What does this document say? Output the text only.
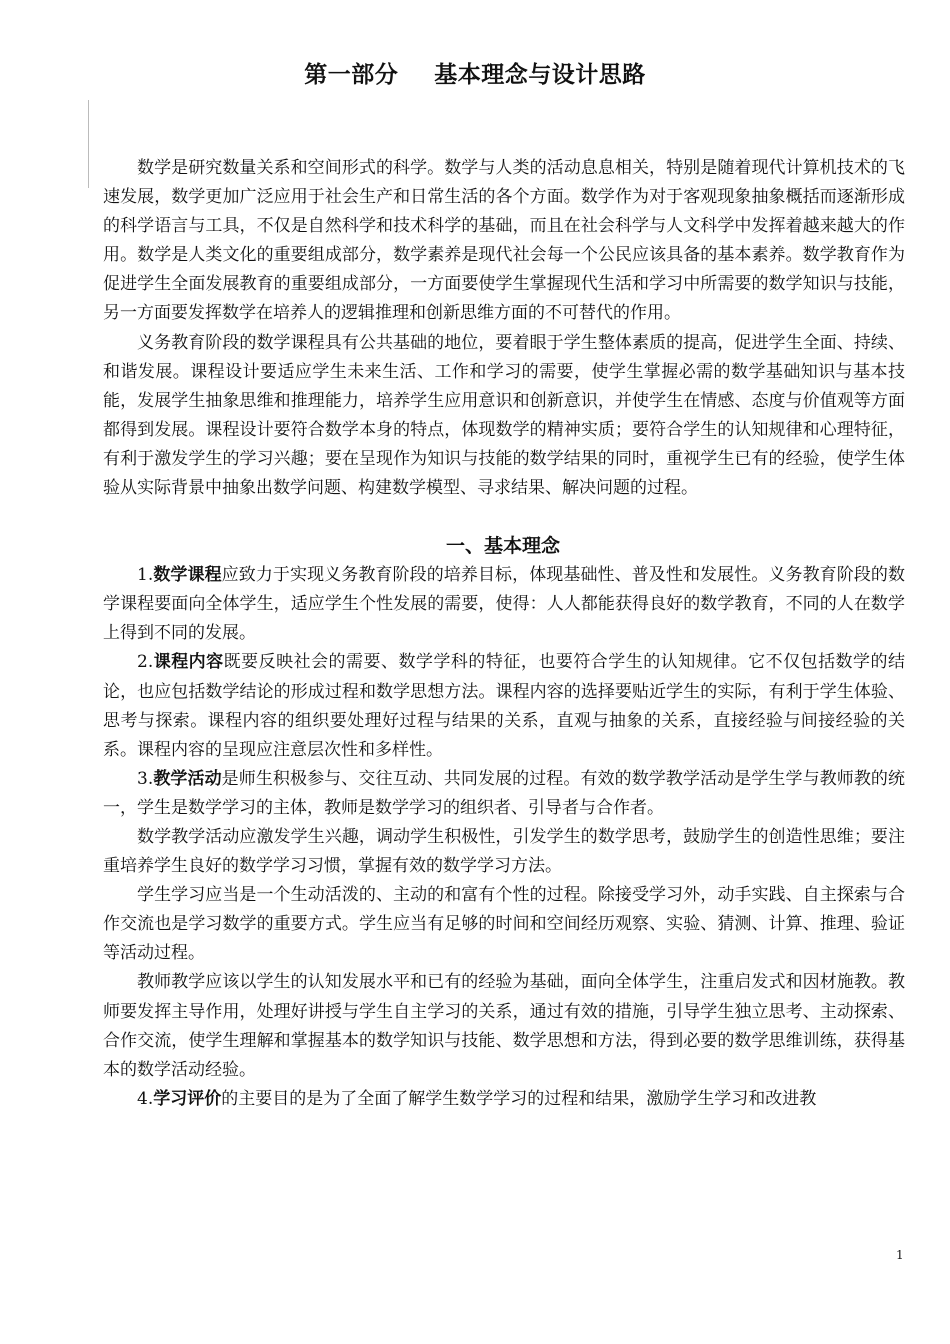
第一部分 基本理念与设计思路

数学是研究数量关系和空间形式的科学。数学与人类的活动息息相关，特别是随着现代计算机技术的飞速发展，数学更加广泛应用于社会生产和日常生活的各个方面。数学作为对于客观现象抽象概括而逐渐形成的科学语言与工具，不仅是自然科学和技术科学的基础，而且在社会科学与人文科学中发挥着越来越大的作用。数学是人类文化的重要组成部分，数学素养是现代社会每一个公民应该具备的基本素养。数学教育作为促进学生全面发展教育的重要组成部分，一方面要使学生掌握现代生活和学习中所需要的数学知识与技能，另一方面要发挥数学在培养人的逻辑推理和创新思维方面的不可替代的作用。

义务教育阶段的数学课程具有公共基础的地位，要着眼于学生整体素质的提高，促进学生全面、持续、和谐发展。课程设计要适应学生未来生活、工作和学习的需要，使学生掌握必需的数学基础知识与基本技能，发展学生抽象思维和推理能力，培养学生应用意识和创新意识，并使学生在情感、态度与价值观等方面都得到发展。课程设计要符合数学本身的特点，体现数学的精神实质；要符合学生的认知规律和心理特征，有利于激发学生的学习兴趣；要在呈现作为知识与技能的数学结果的同时，重视学生已有的经验，使学生体验从实际背景中抽象出数学问题、构建数学模型、寻求结果、解决问题的过程。

一、基本理念

1.数学课程应致力于实现义务教育阶段的培养目标，体现基础性、普及性和发展性。义务教育阶段的数学课程要面向全体学生，适应学生个性发展的需要，使得：人人都能获得良好的数学教育，不同的人在数学上得到不同的发展。

2.课程内容既要反映社会的需要、数学学科的特征，也要符合学生的认知规律。它不仅包括数学的结论，也应包括数学结论的形成过程和数学思想方法。课程内容的选择要贴近学生的实际，有利于学生体验、思考与探索。课程内容的组织要处理好过程与结果的关系，直观与抽象的关系，直接经验与间接经验的关系。课程内容的呈现应注意层次性和多样性。

3.教学活动是师生积极参与、交往互动、共同发展的过程。有效的数学教学活动是学生学与教师教的统一，学生是数学学习的主体，教师是数学学习的组织者、引导者与合作者。

数学教学活动应激发学生兴趣，调动学生积极性，引发学生的数学思考，鼓励学生的创造性思维；要注重培养学生良好的数学学习习惯，掌握有效的数学学习方法。

学生学习应当是一个生动活泼的、主动的和富有个性的过程。除接受学习外，动手实践、自主探索与合作交流也是学习数学的重要方式。学生应当有足够的时间和空间经历观察、实验、猜测、计算、推理、验证等活动过程。

教师教学应该以学生的认知发展水平和已有的经验为基础，面向全体学生，注重启发式和因材施教。教师要发挥主导作用，处理好讲授与学生自主学习的关系，通过有效的措施，引导学生独立思考、主动探索、合作交流，使学生理解和掌握基本的数学知识与技能、数学思想和方法，得到必要的数学思维训练，获得基本的数学活动经验。

4.学习评价的主要目的是为了全面了解学生数学学习的过程和结果，激励学生学习和改进教

1
